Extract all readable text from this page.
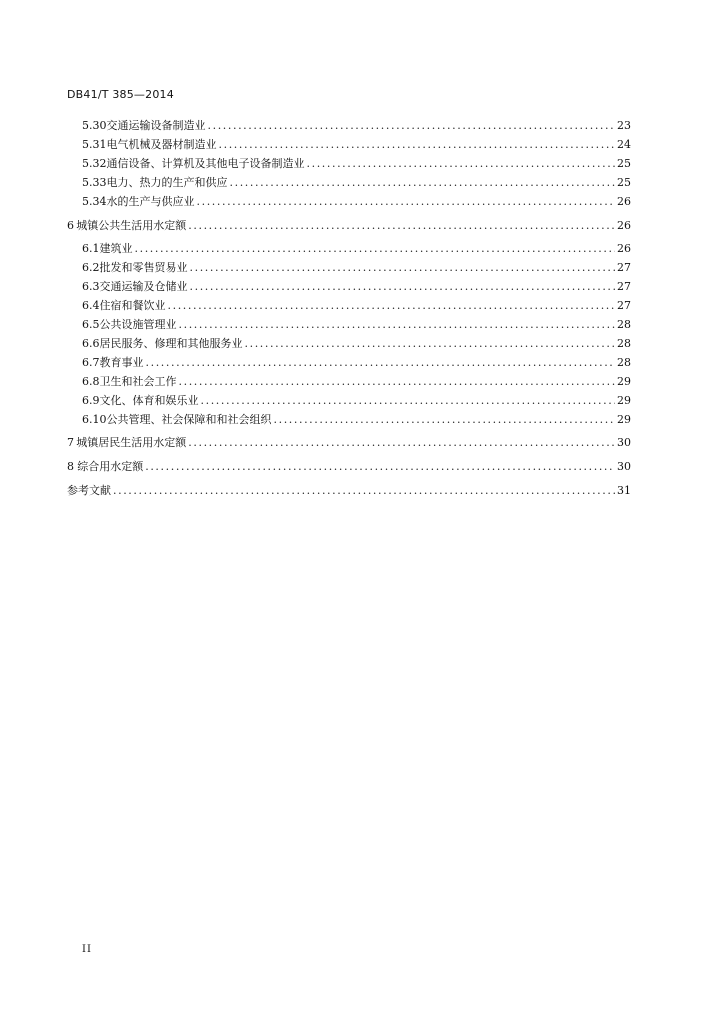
DB41/T 385—2014
5.30 交通运输设备制造业 .....	23
5.31 电气机械及器材制造业 .....	24
5.32 通信设备、计算机及其他电子设备制造业 .....	25
5.33 电力、热力的生产和供应 .....	25
5.34 水的生产与供应业 .....	26
6 城镇公共生活用水定额 .....	26
6.1 建筑业 .....	26
6.2 批发和零售贸易业 .....	27
6.3 交通运输及仓储业 .....	27
6.4 住宿和餐饮业 .....	27
6.5 公共设施管理业 .....	28
6.6 居民服务、修理和其他服务业 .....	28
6.7 教育事业 .....	28
6.8 卫生和社会工作 .....	29
6.9 文化、体育和娱乐业 .....	29
6.10 公共管理、社会保障和和社会组织 .....	29
7 城镇居民生活用水定额 .....	30
8 综合用水定额 .....	30
参考文献 .....	31
II
